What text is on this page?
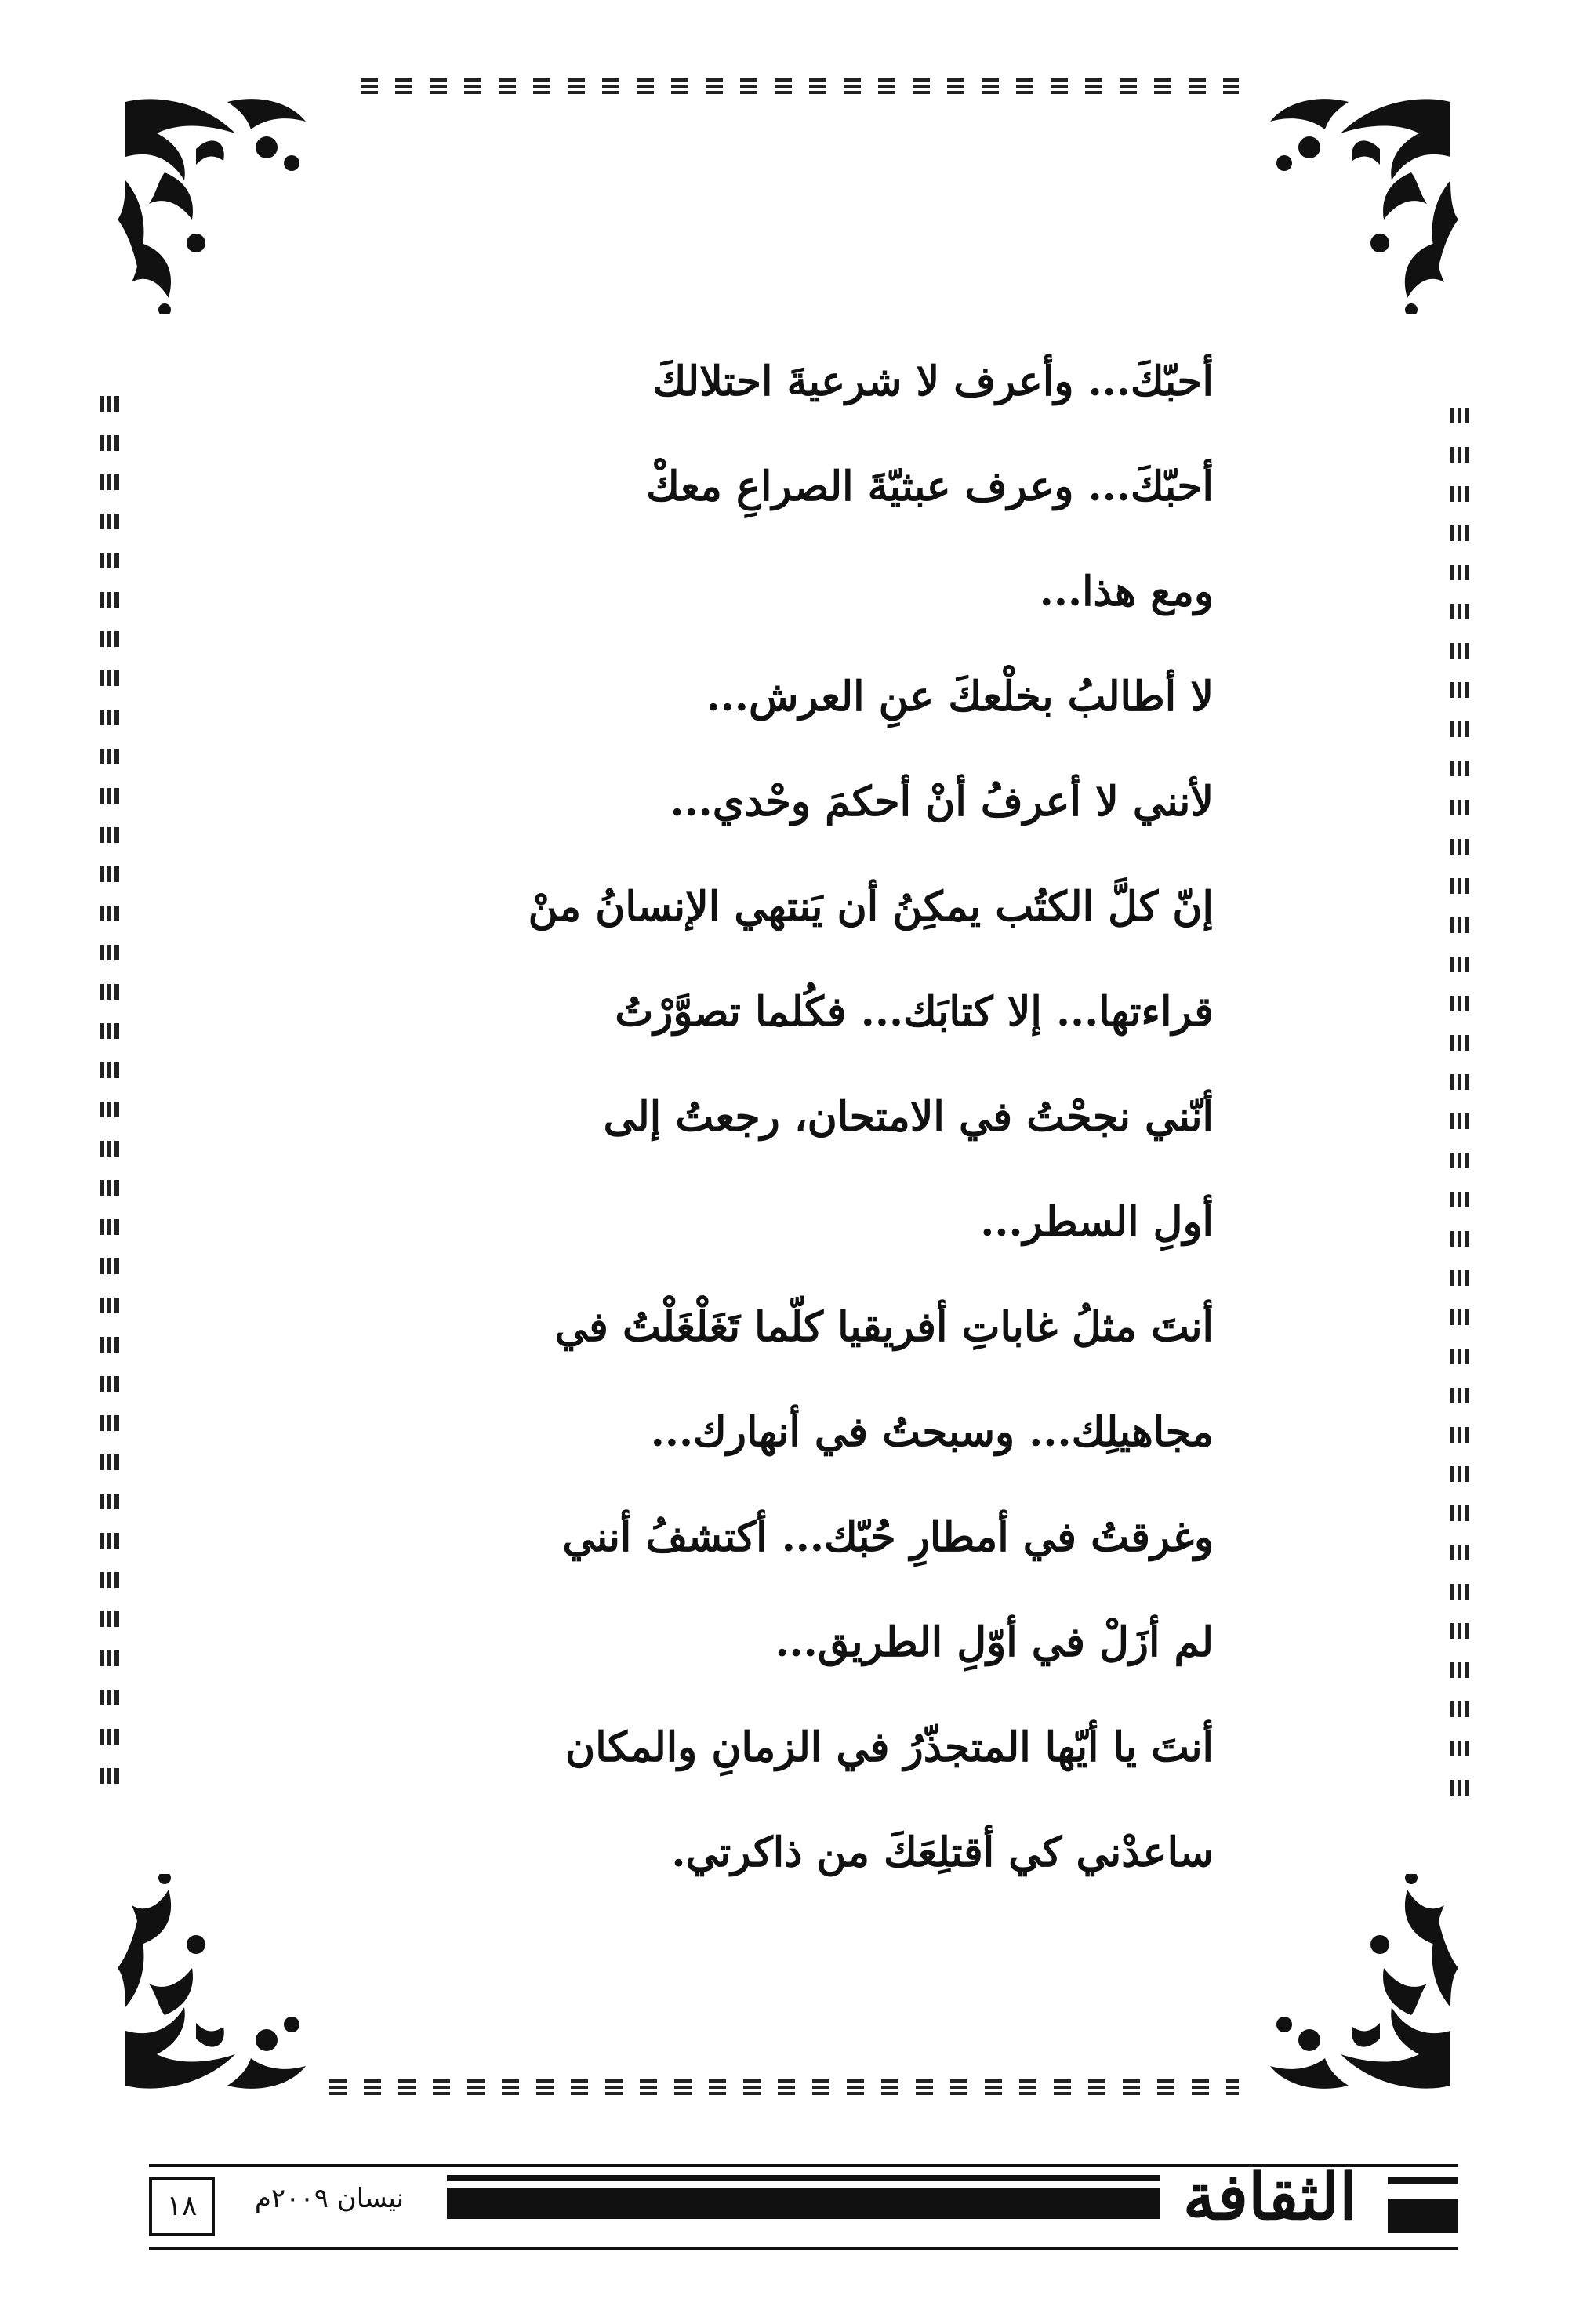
أحبّكَ... وأعرف لا شرعيةَ احتلالكَ
أحبّكَ... وعرف عبثيّةَ الصراعِ معكْ
ومع هذا...
لا أطالبُ بخلْعكَ عنِ العرش...
لأنني لا أعرفُ أنْ أحكمَ وحْدي...
إنّ كلَّ الكتُب يمكِنُ أن يَنتهي الإنسانُ منْ
قراءتها... إلا كتابَك... فكُلما تصوَّرْتُ
أنّني نجحْتُ في الامتحان، رجعتُ إلى
أولِ السطر...
أنتَ مثلُ غاباتِ أفريقيا كلّما تَغَلْغَلْتُ في
مجاهيلِك... وسبحتُ في أنهارك...
وغرقتُ في أمطارِ حُبّك... أكتشفُ أنني
لم أزَلْ في أوّلِ الطريق...
أنتَ يا أيّها المتجذّرُ في الزمانِ والمكان
ساعدْني كي أقتلِعَكَ من ذاكرتي.
١٨	نيسان ٢٠٠٩م	الثقافة
